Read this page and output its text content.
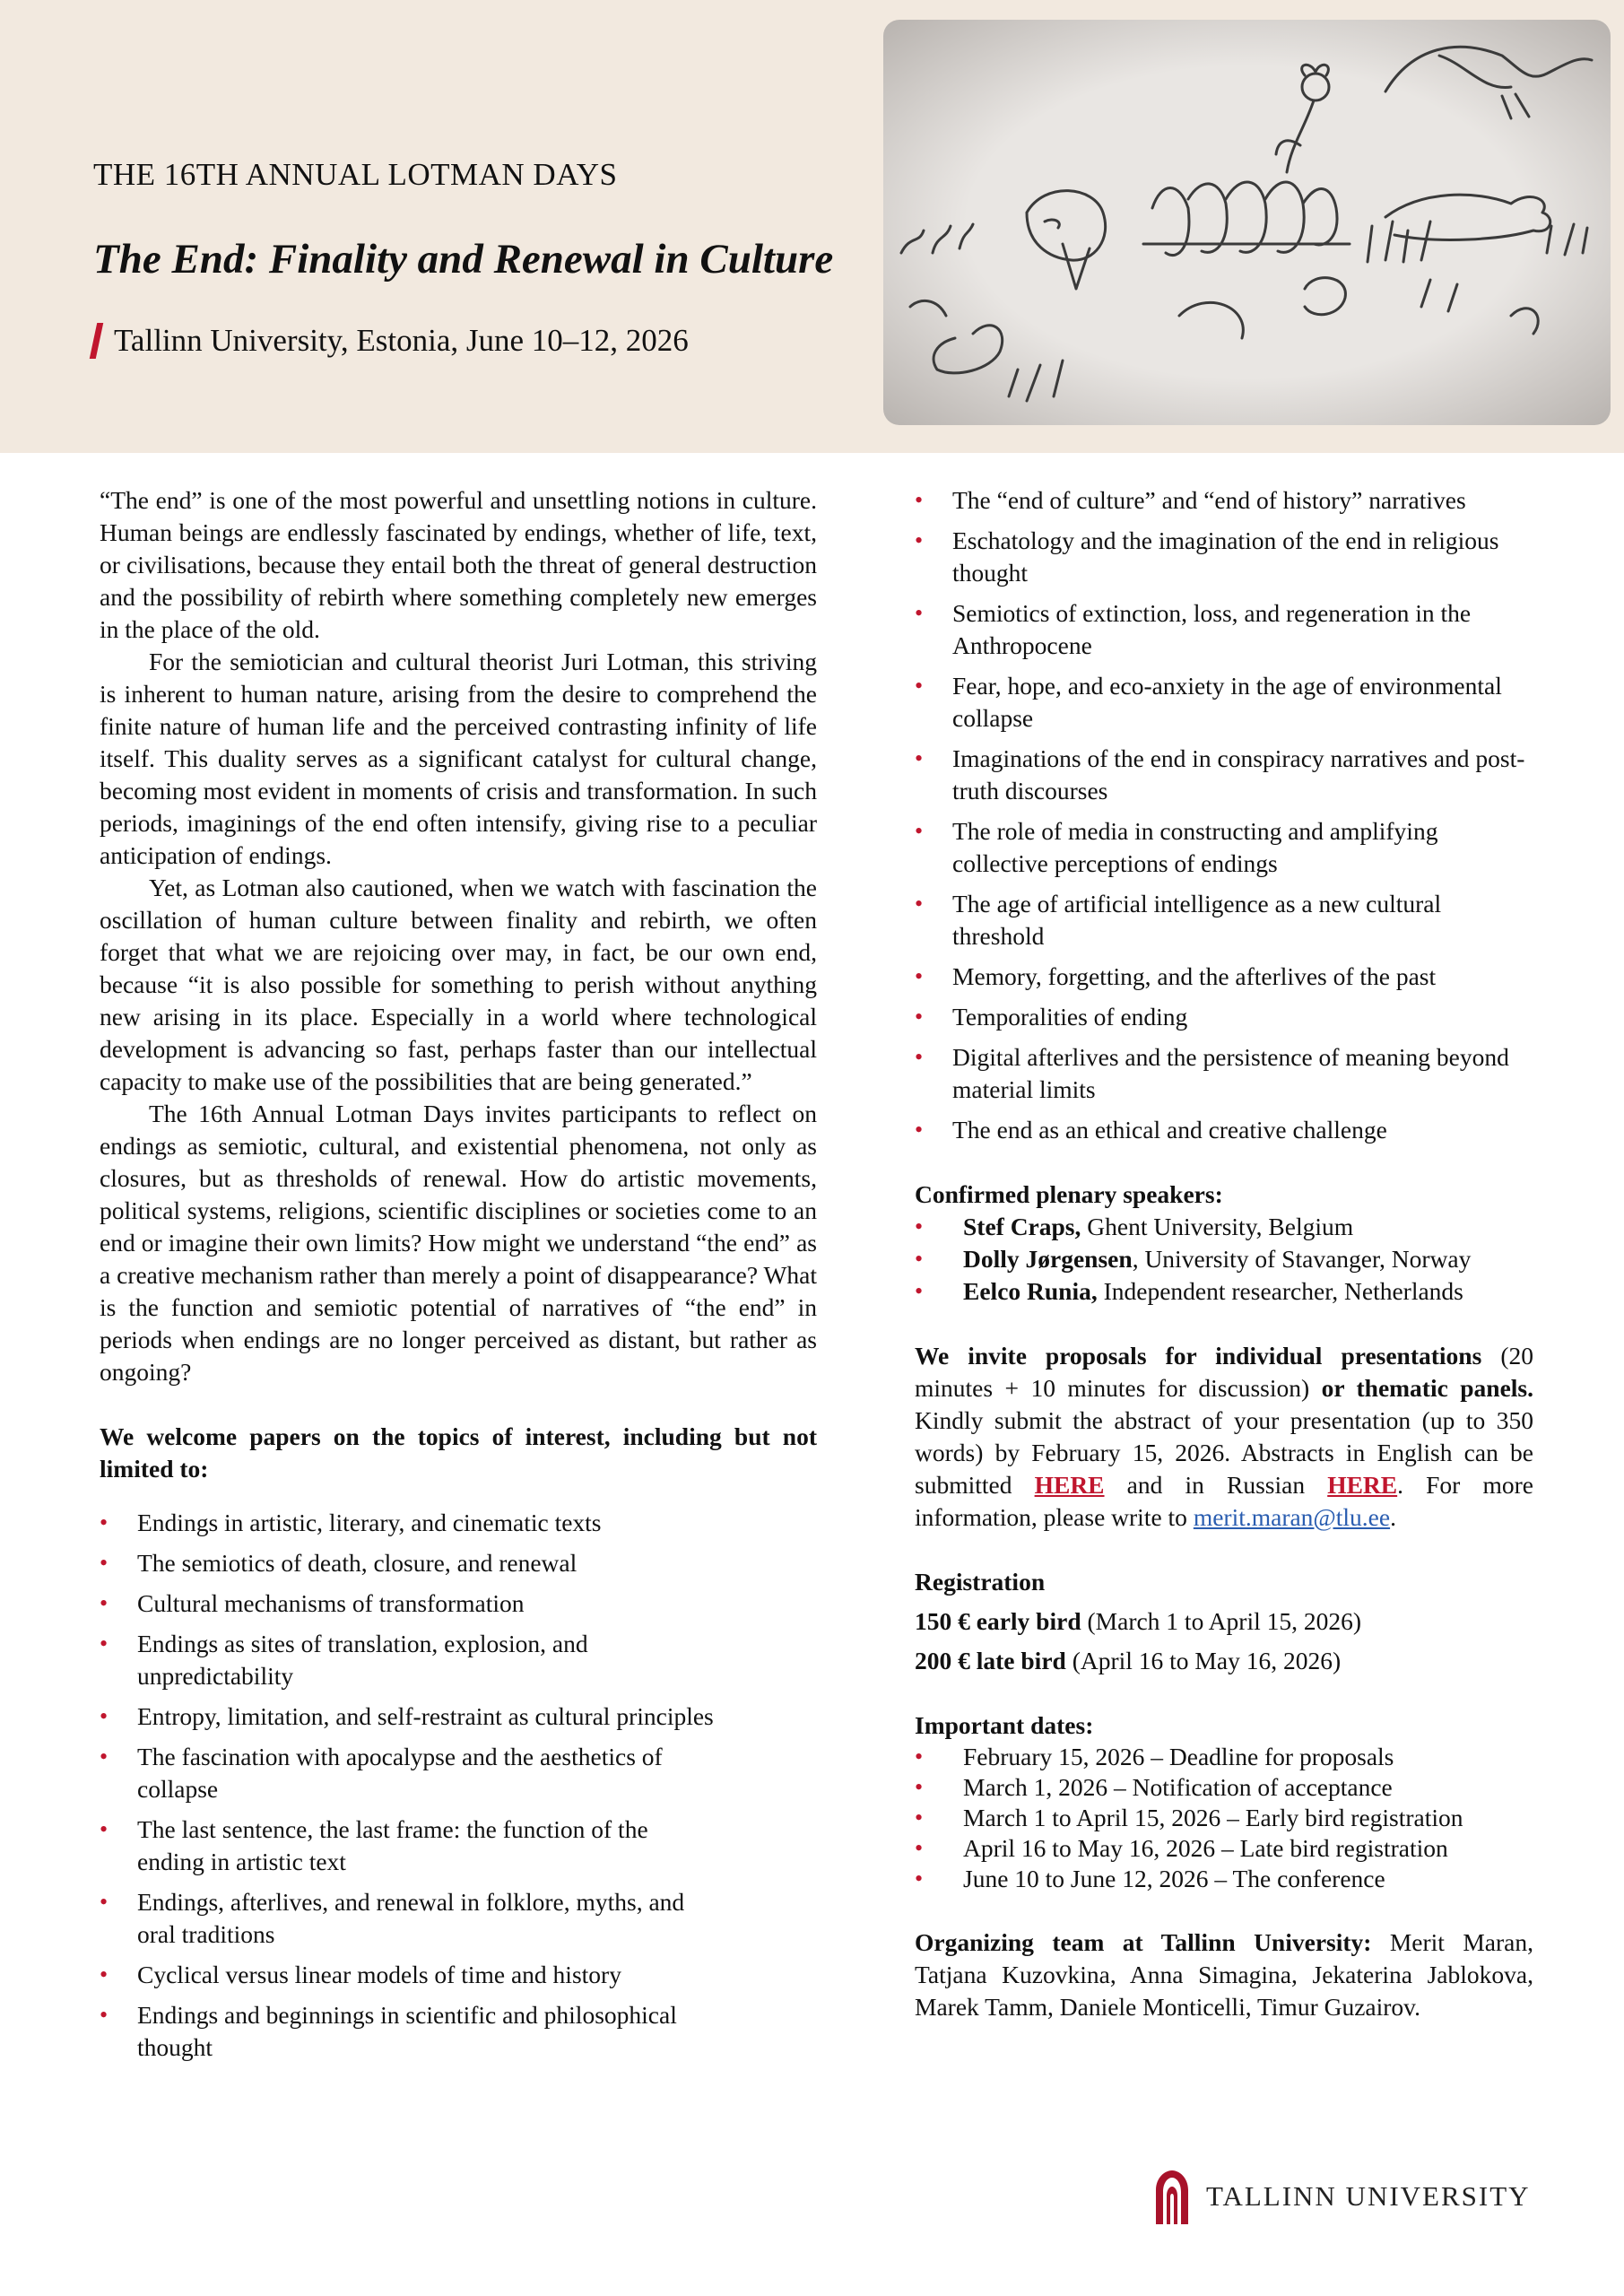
THE 16TH ANNUAL LOTMAN DAYS

The End: Finality and Renewal in Culture
Tallinn University, Estonia, June 10–12, 2026

“The end” is one of the most powerful and unsettling notions in culture. Human beings are endlessly fascinated by endings, whether of life, text, or civilisations, because they entail both the threat of general destruction and the possibility of rebirth where something completely new emerges in the place of the old.

For the semiotician and cultural theorist Juri Lotman, this striving is inherent to human nature, arising from the desire to comprehend the finite nature of human life and the perceived contrasting infinity of life itself. This duality serves as a significant catalyst for cultural change, becoming most evident in moments of crisis and transformation. In such periods, imaginings of the end often intensify, giving rise to a peculiar anticipation of endings.

Yet, as Lotman also cautioned, when we watch with fascination the oscillation of human culture between finality and rebirth, we often forget that what we are rejoicing over may, in fact, be our own end, because “it is also possible for something to perish without anything new arising in its place. Especially in a world where technological development is advancing so fast, perhaps faster than our intellectual capacity to make use of the possibilities that are being generated.”

The 16th Annual Lotman Days invites participants to reflect on endings as semiotic, cultural, and existential phenomena, not only as closures, but as thresholds of renewal. How do artistic movements, political systems, religions, scientific disciplines or societies come to an end or imagine their own limits? How might we understand “the end” as a creative mechanism rather than merely a point of disappearance? What is the function and semiotic potential of narratives of “the end” in periods when endings are no longer perceived as distant, but rather as ongoing?

We welcome papers on the topics of interest, including but not limited to:
• Endings in artistic, literary, and cinematic texts
• The semiotics of death, closure, and renewal
• Cultural mechanisms of transformation
• Endings as sites of translation, explosion, and unpredictability
• Entropy, limitation, and self-restraint as cultural principles
• The fascination with apocalypse and the aesthetics of collapse
• The last sentence, the last frame: the function of the ending in artistic text
• Endings, afterlives, and renewal in folklore, myths, and oral traditions
• Cyclical versus linear models of time and history
• Endings and beginnings in scientific and philosophical thought
• The “end of culture” and “end of history” narratives
• Eschatology and the imagination of the end in religious thought
• Semiotics of extinction, loss, and regeneration in the Anthropocene
• Fear, hope, and eco-anxiety in the age of environmental collapse
• Imaginations of the end in conspiracy narratives and post-truth discourses
• The role of media in constructing and amplifying collective perceptions of endings
• The age of artificial intelligence as a new cultural threshold
• Memory, forgetting, and the afterlives of the past
• Temporalities of ending
• Digital afterlives and the persistence of meaning beyond material limits
• The end as an ethical and creative challenge
Confirmed plenary speakers:
• Stef Craps, Ghent University, Belgium
• Dolly Jørgensen, University of Stavanger, Norway
• Eelco Runia, Independent researcher, Netherlands

We invite proposals for individual presentations (20 minutes + 10 minutes for discussion) or thematic panels. Kindly submit the abstract of your presentation (up to 350 words) by February 15, 2026. Abstracts in English can be submitted HERE and in Russian HERE. For more information, please write to merit.maran@tlu.ee.

Registration
150 € early bird (March 1 to April 15, 2026)
200 € late bird (April 16 to May 16, 2026)
Important dates:
• February 15, 2026 – Deadline for proposals
• March 1, 2026 – Notification of acceptance
• March 1 to April 15, 2026 – Early bird registration
• April 16 to May 16, 2026 – Late bird registration
• June 10 to June 12, 2026 – The conference

Organizing team at Tallinn University: Merit Maran, Tatjana Kuzovkina, Anna Simagina, Jekaterina Jablokova, Marek Tamm, Daniele Monticelli, Timur Guzairov.

TALLINN UNIVERSITY
